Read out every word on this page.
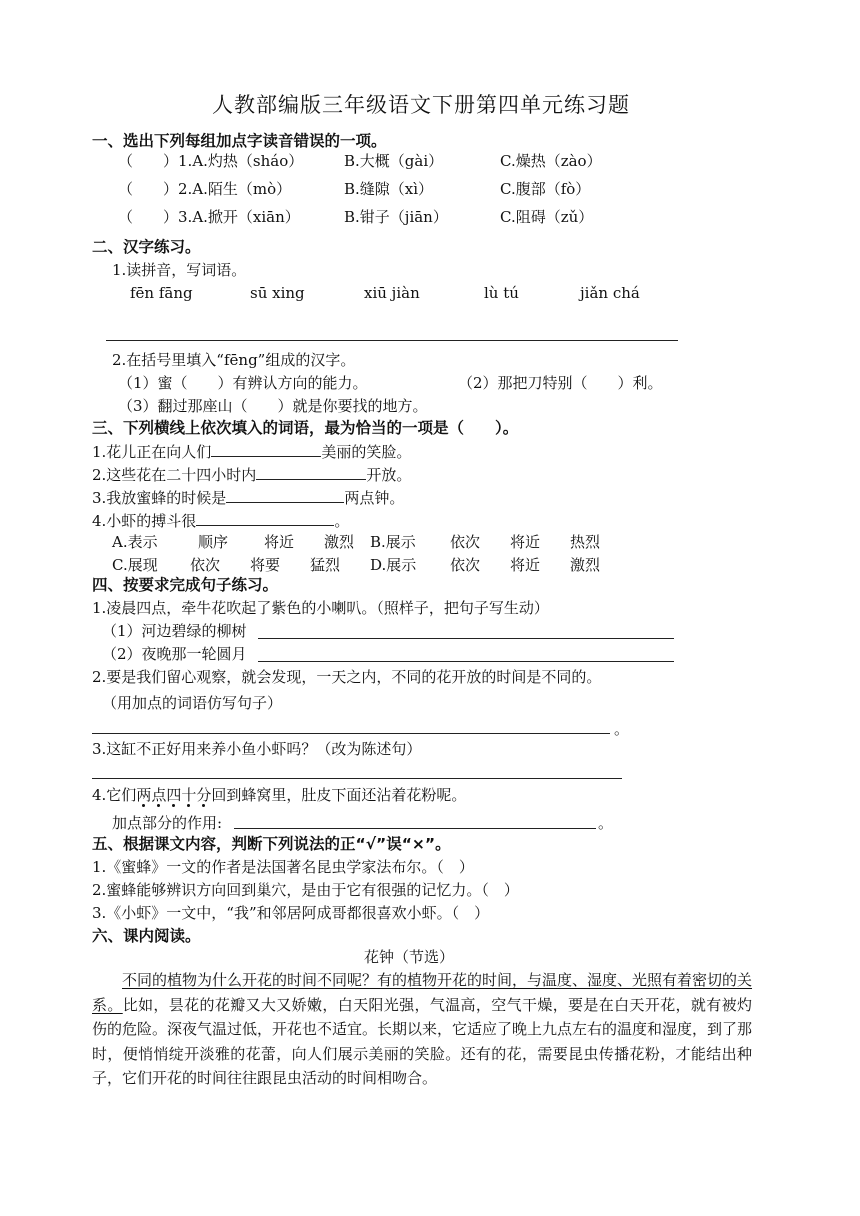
人教部编版三年级语文下册第四单元练习题
一、选出下列每组加点字读音错误的一项。
（　　）1.A.灼热（sháo）	B.大概（gài）	C.燥热（zào）
（　　）2.A.陌生（mò）	B.缝隙（xì）	C.腹部（fò）
（　　）3.A.掀开（xiān）	B.钳子（jiān）	C.阻碍（zǔ）
二、汉字练习。
1.读拼音，写词语。
fēn fāng	sū xing	xiū jiàn	lù tú	jiǎn chá
2.在括号里填入“fēng”组成的汉字。
（1）蜜（　　）有辨认方向的能力。	（2）那把刀特别（　　）利。
（3）翻过那座山（　　）就是你要找的地方。
三、下列横线上依次填入的词语，最为恰当的一项是（　　）。
1.花儿正在向人们	美丽的笑脸。
2.这些花在二十四小时内	开放。
3.我放蜜蜂的时候是	两点钟。
4.小虾的搏斗很	。
A.表示	顺序 将近 激烈	B.展示 依次 将近 热烈
C.展现 依次 将要 猛烈	D.展示 依次 将近 激烈
四、按要求完成句子练习。
1.凌晨四点，牵牛花吹起了紫色的小喇叭。（照样子，把句子写生动）
（1）河边碧绿的柳树
（2）夜晚那一轮圆月
2.要是我们留心观察，就会发现，一天之内，不同的花开放的时间是不同的。
（用加点的词语仿写句子）
。
3.这缸不正好用来养小鱼小虾吗？（改为陈述句）
4.它们两点四十分回到蜂窝里，肚皮下面还沾着花粉呢。
加点部分的作用:	。
五、根据课文内容，判断下列说法的正“√”误“×”。
1.《蜜蜂》一文的作者是法国著名昆虫学家法布尔。（　）
2.蜜蜂能够辨识方向回到巢穴，是由于它有很强的记忆力。（　）
3.《小虾》一文中，“我”和邻居阿成哥都很喜欢小虾。（　）
六、课内阅读。
花钟（节选）
不同的植物为什么开花的时间不同呢？有的植物开花的时间，与温度、湿度、光照有着密切的关系。比如，昙花的花瓣又大又娇嫩，白天阳光强，气温高，空气干燥，要是在白天开花，就有被灼伤的危险。深夜气温过低，开花也不适宜。长期以来，它适应了晚上九点左右的温度和湿度，到了那时，便悄悄绽开淡雅的花蕾，向人们展示美丽的笑脸。还有的花，需要昆虫传播花粉，才能结出种子，它们开花的时间往往跟昆虫活动的时间相吻合。
